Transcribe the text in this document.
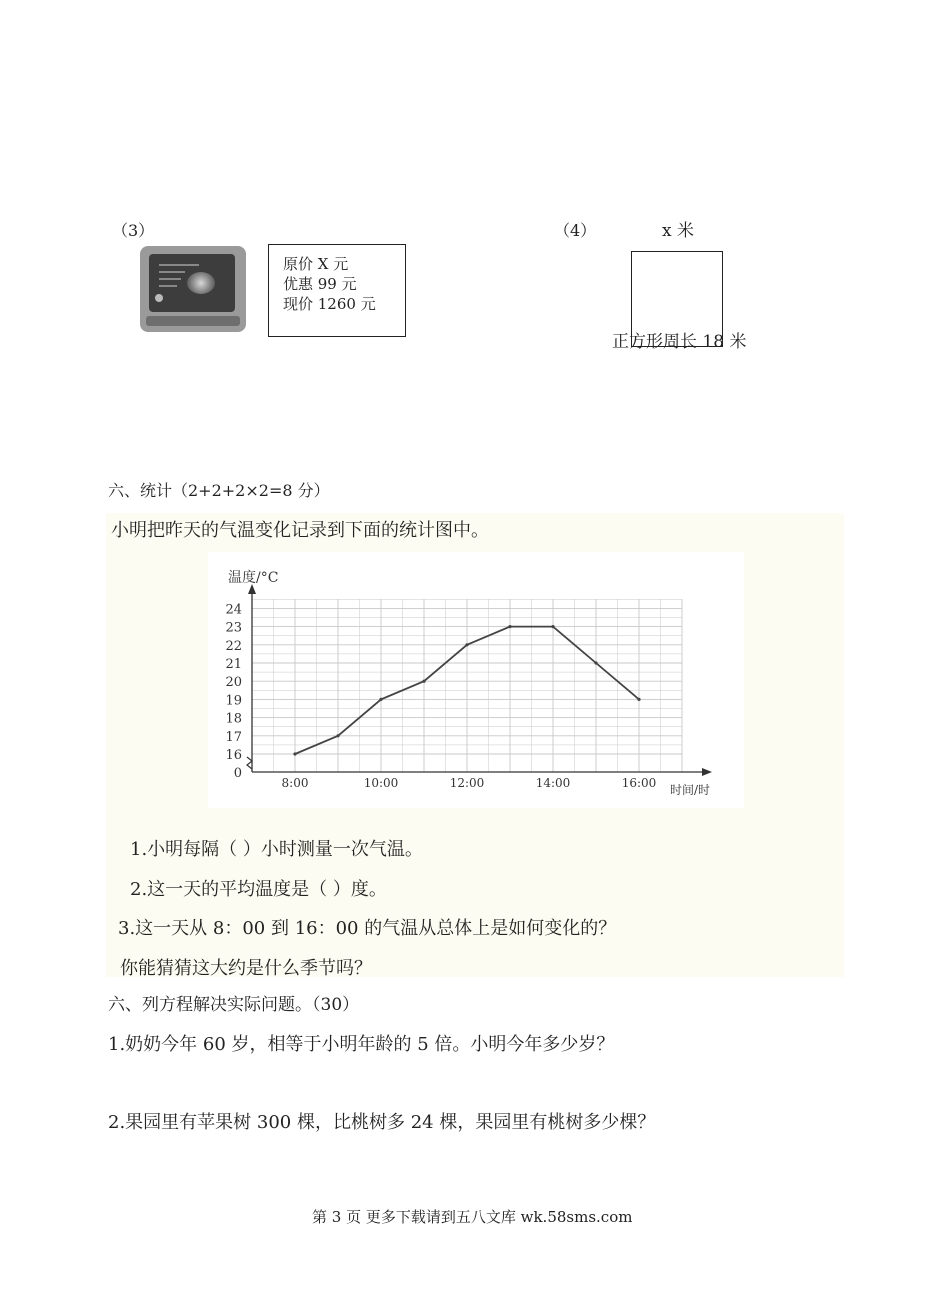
（3）
原价 X 元
优惠 99 元
现价 1260 元
（4）	x 米
正方形周长 18 米
六、统计（2+2+2×2=8 分）
小明把昨天的气温变化记录到下面的统计图中。
0
16
17
18
19
20
21
22
23
24
8:00	10:00	12:00	14:00	16:00
温度/°C
时间/时
1.小明每隔（ ）小时测量一次气温。
2.这一天的平均温度是（ ）度。
3.这一天从 8：00 到 16：00 的气温从总体上是如何变化的？
你能猜猜这大约是什么季节吗？
六、列方程解决实际问题。（30）
1.奶奶今年 60 岁，相等于小明年龄的 5 倍。小明今年多少岁？
2.果园里有苹果树 300 棵，比桃树多 24 棵，果园里有桃树多少棵？
第 3 页 更多下载请到五八文库 wk.58sms.com
